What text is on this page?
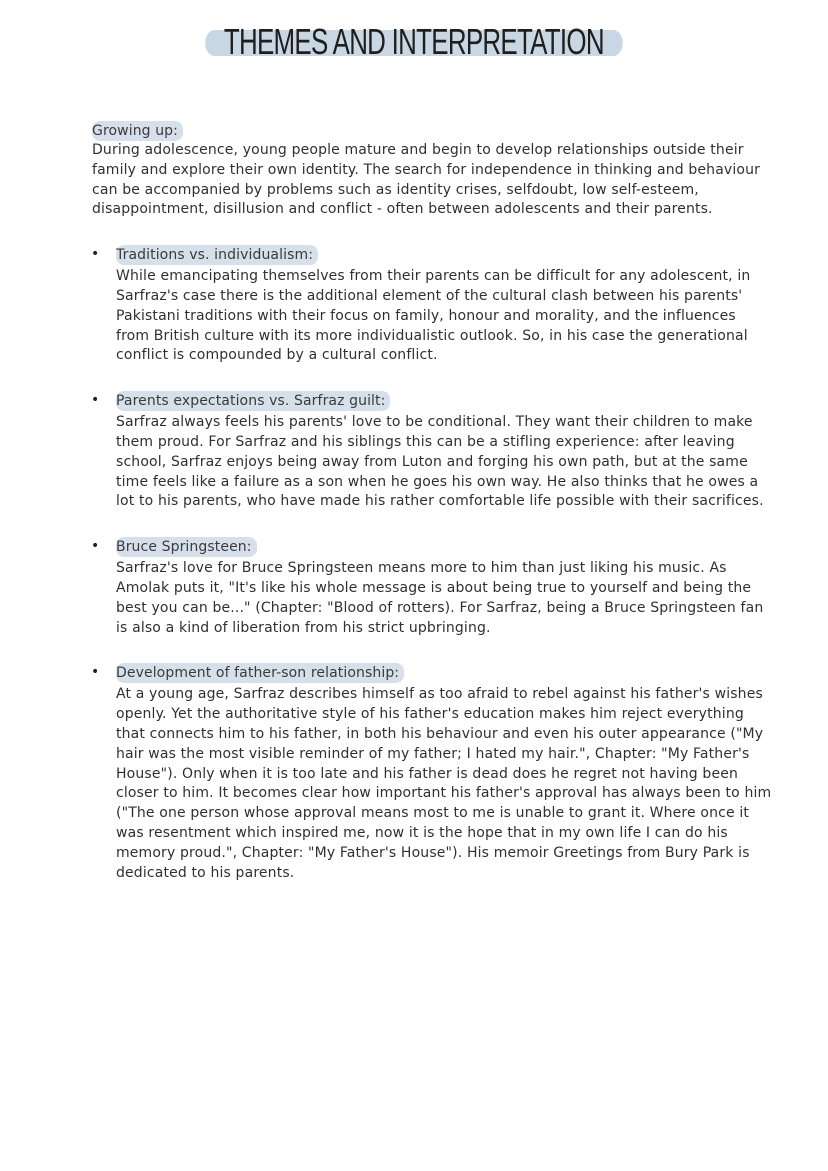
THEMES AND INTERPRETATION
Growing up:

During adolescence, young people mature and begin to develop relationships outside their family and explore their own identity. The search for independence in thinking and behaviour can be accompanied by problems such as identity crises, selfdoubt, low self-esteem, disappointment, disillusion and conflict - often between adolescents and their parents.

• Traditions vs. individualism:

While emancipating themselves from their parents can be difficult for any adolescent, in Sarfraz's case there is the additional element of the cultural clash between his parents' Pakistani traditions with their focus on family, honour and morality, and the influences from British culture with its more individualistic outlook. So, in his case the generational conflict is compounded by a cultural conflict.

• Parents expectations vs. Sarfraz guilt:

Sarfraz always feels his parents' love to be conditional. They want their children to make them proud. For Sarfraz and his siblings this can be a stifling experience: after leaving school, Sarfraz enjoys being away from Luton and forging his own path, but at the same time feels like a failure as a son when he goes his own way. He also thinks that he owes a lot to his parents, who have made his rather comfortable life possible with their sacrifices.

• Bruce Springsteen:

Sarfraz's love for Bruce Springsteen means more to him than just liking his music. As Amolak puts it, "It's like his whole message is about being true to yourself and being the best you can be..." (Chapter: "Blood of rotters). For Sarfraz, being a Bruce Springsteen fan is also a kind of liberation from his strict upbringing.

• Development of father-son relationship:

At a young age, Sarfraz describes himself as too afraid to rebel against his father's wishes openly. Yet the authoritative style of his father's education makes him reject everything that connects him to his father, in both his behaviour and even his outer appearance ("My hair was the most visible reminder of my father; I hated my hair.", Chapter: "My Father's House"). Only when it is too late and his father is dead does he regret not having been closer to him. It becomes clear how important his father's approval has always been to him ("The one person whose approval means most to me is unable to grant it. Where once it was resentment which inspired me, now it is the hope that in my own life I can do his memory proud.", Chapter: "My Father's House"). His memoir Greetings from Bury Park is dedicated to his parents.
